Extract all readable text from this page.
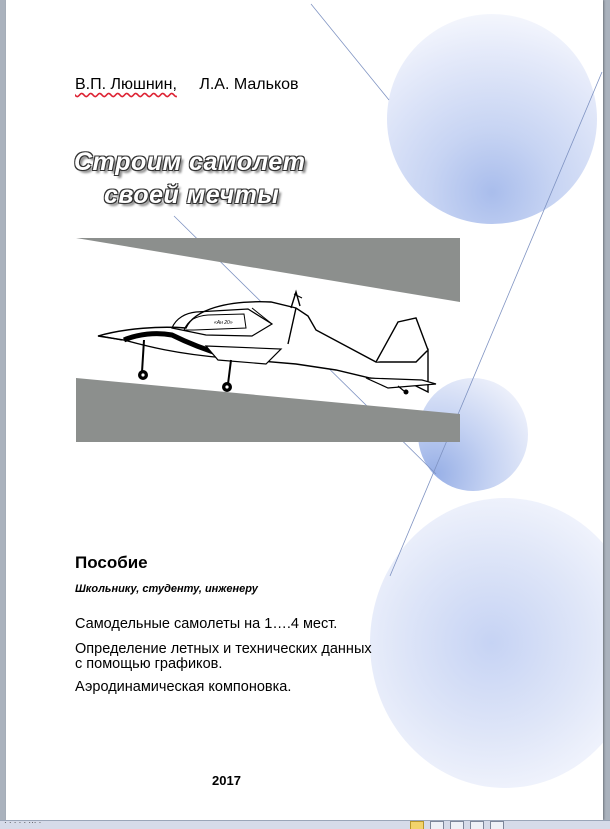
В.П. Люшнин, Л.А. Мальков
Строим самолет
своей мечты
«Ан 20»
Пособие
Школьнику, студенту, инженеру
Самодельные самолеты на 1….4 мест.
Определение летных и технических данных с помощью графиков.
Аэродинамическая компоновка.
2017
· · · · · ··· ·
